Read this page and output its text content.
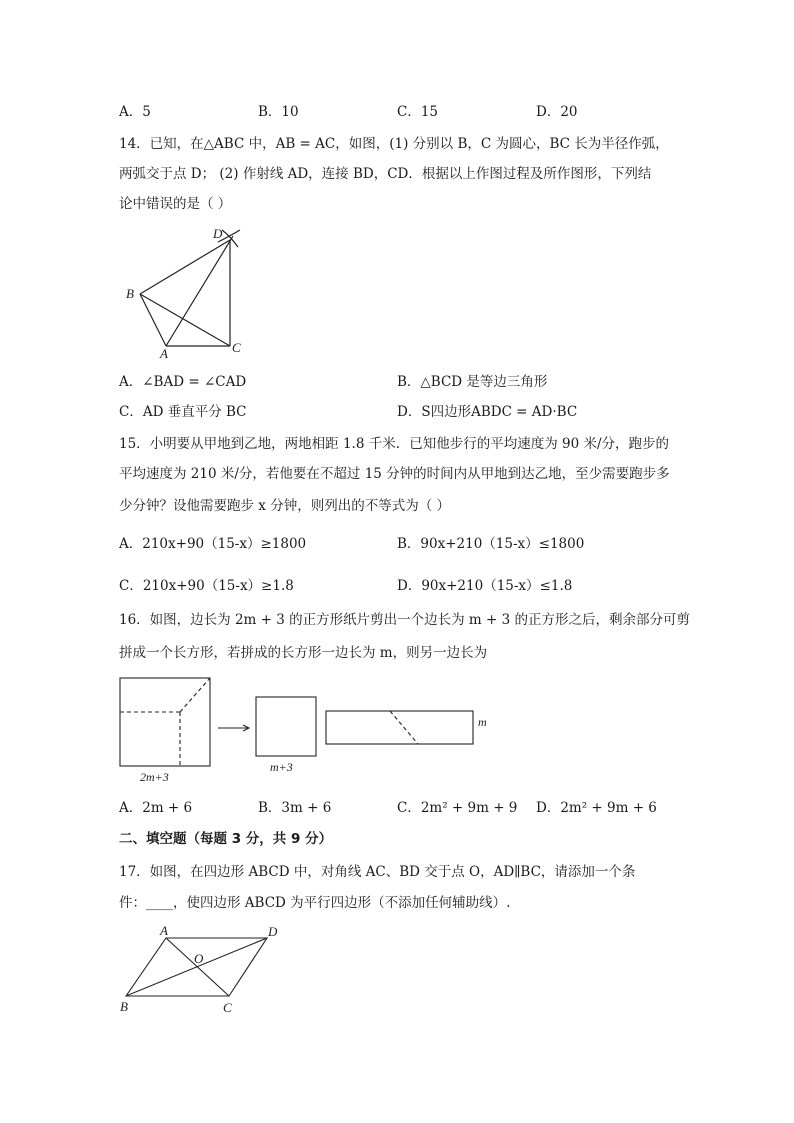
A．5	B．10	C．15	D．20
14．已知，在△ABC 中，AB = AC，如图，(1) 分别以 B，C 为圆心，BC 长为半径作弧，
两弧交于点 D； (2) 作射线 AD，连接 BD，CD．根据以上作图过程及所作图形，下列结
论中错误的是（ ）
D
B
A	C
A．∠BAD = ∠CAD	B．△BCD 是等边三角形
C．AD 垂直平分 BC	D．S四边形ABDC = AD·BC
15．小明要从甲地到乙地，两地相距 1.8 千米．已知他步行的平均速度为 90 米/分，跑步的
平均速度为 210 米/分，若他要在不超过 15 分钟的时间内从甲地到达乙地，至少需要跑步多
少分钟？设他需要跑步 x 分钟，则列出的不等式为（ ）
A．210x+90（15-x）≥1800	B．90x+210（15-x）≤1800
C．210x+90（15-x）≥1.8	D．90x+210（15-x）≤1.8
16．如图，边长为 2m + 3 的正方形纸片剪出一个边长为 m + 3 的正方形之后，剩余部分可剪
拼成一个长方形，若拼成的长方形一边长为 m，则另一边长为
2m+3
m+3
m
A．2m + 6	B．3m + 6	C．2m² + 9m + 9 D．2m² + 9m + 6
二、填空题（每题 3 分，共 9 分）
17．如图，在四边形 ABCD 中，对角线 AC、BD 交于点 O，AD∥BC，请添加一个条
件：____，使四边形 ABCD 为平行四边形（不添加任何辅助线）.
A	D
O
B	C
